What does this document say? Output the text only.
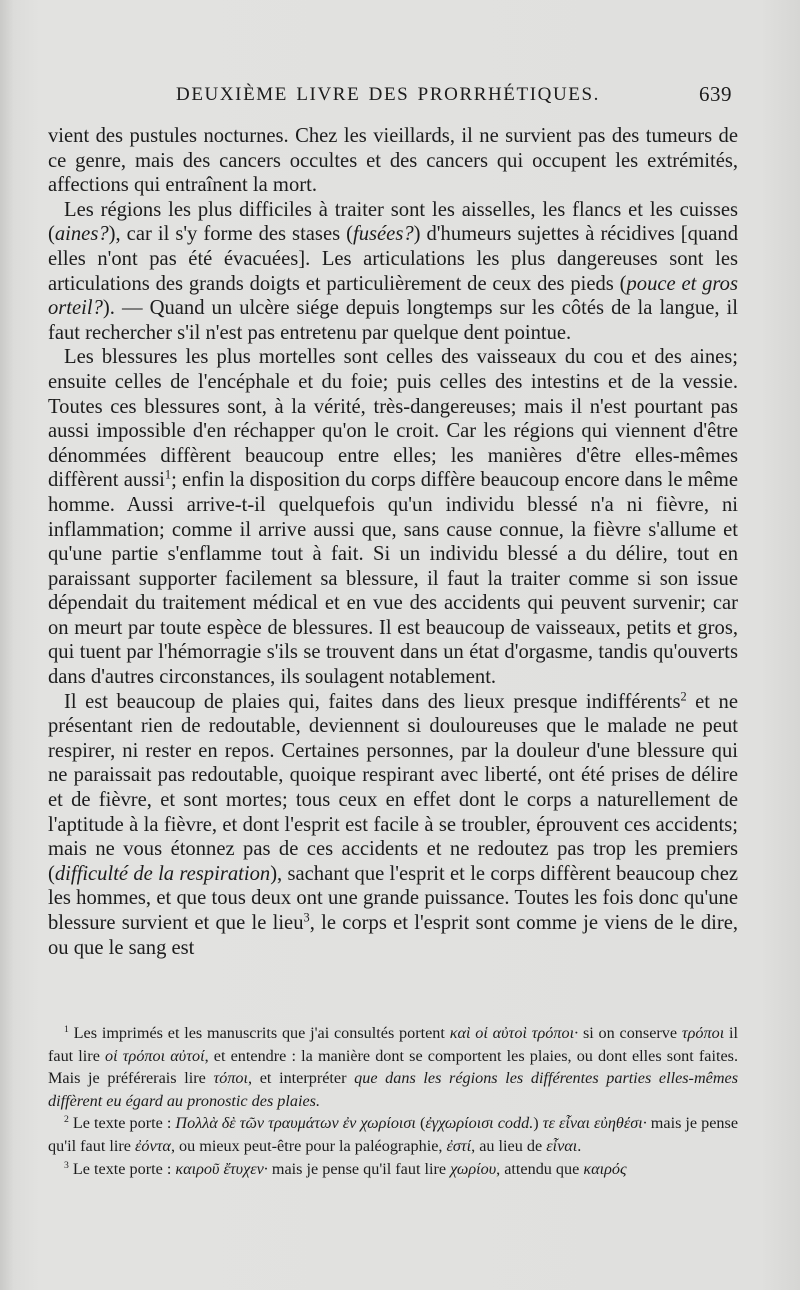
DEUXIÈME LIVRE DES PRORRHÉTIQUES.	639

vient des pustules nocturnes. Chez les vieillards, il ne survient pas des tumeurs de ce genre, mais des cancers occultes et des cancers qui occupent les extrémités, affections qui entraînent la mort.

Les régions les plus difficiles à traiter sont les aisselles, les flancs et les cuisses (aines?), car il s'y forme des stases (fusées?) d'humeurs sujettes à récidives [quand elles n'ont pas été évacuées]. Les articulations les plus dangereuses sont les articulations des grands doigts et particulièrement de ceux des pieds (pouce et gros orteil?). — Quand un ulcère siége depuis longtemps sur les côtés de la langue, il faut rechercher s'il n'est pas entretenu par quelque dent pointue.

Les blessures les plus mortelles sont celles des vaisseaux du cou et des aines; ensuite celles de l'encéphale et du foie; puis celles des intestins et de la vessie. Toutes ces blessures sont, à la vérité, très-dangereuses; mais il n'est pourtant pas aussi impossible d'en réchapper qu'on le croit. Car les régions qui viennent d'être dénommées diffèrent beaucoup entre elles; les manières d'être elles-mêmes diffèrent aussi$^1$; enfin la disposition du corps diffère beaucoup encore dans le même homme. Aussi arrive-t-il quelquefois qu'un individu blessé n'a ni fièvre, ni inflammation; comme il arrive aussi que, sans cause connue, la fièvre s'allume et qu'une partie s'enflamme tout à fait. Si un individu blessé a du délire, tout en paraissant supporter facilement sa blessure, il faut la traiter comme si son issue dépendait du traitement médical et en vue des accidents qui peuvent survenir; car on meurt par toute espèce de blessures. Il est beaucoup de vaisseaux, petits et gros, qui tuent par l'hémorragie s'ils se trouvent dans un état d'orgasme, tandis qu'ouverts dans d'autres circonstances, ils soulagent notablement.

Il est beaucoup de plaies qui, faites dans des lieux presque indifférents$^2$ et ne présentant rien de redoutable, deviennent si douloureuses que le malade ne peut respirer, ni rester en repos. Certaines personnes, par la douleur d'une blessure qui ne paraissait pas redoutable, quoique respirant avec liberté, ont été prises de délire et de fièvre, et sont mortes; tous ceux en effet dont le corps a naturellement de l'aptitude à la fièvre, et dont l'esprit est facile à se troubler, éprouvent ces accidents; mais ne vous étonnez pas de ces accidents et ne redoutez pas trop les premiers (difficulté de la respiration), sachant que l'esprit et le corps diffèrent beaucoup chez les hommes, et que tous deux ont une grande puissance. Toutes les fois donc qu'une blessure survient et que le lieu$^3$, le corps et l'esprit sont comme je viens de le dire, ou que le sang est

$^1$ Les imprimés et les manuscrits que j'ai consultés portent καὶ οἱ αὐτοὶ τρόποι· si on conserve τρόποι il faut lire οἱ τρόποι αὐτοί, et entendre : la manière dont se comportent les plaies, ou dont elles sont faites. Mais je préférerais lire τόποι, et interpréter que dans les régions les différentes parties elles-mêmes diffèrent eu égard au pronostic des plaies.

$^2$ Le texte porte : Πολλὰ δὲ τῶν τραυμάτων ἐν χωρίοισι (ἐγχωρίοισι codd.) τε εἶναι εὐηθέσι· mais je pense qu'il faut lire ἐόντα, ou mieux peut-être pour la paléographie, ἐστί, au lieu de εἶναι.

$^3$ Le texte porte : καιροῦ ἔτυχεν· mais je pense qu'il faut lire χωρίου, attendu que καιρός
